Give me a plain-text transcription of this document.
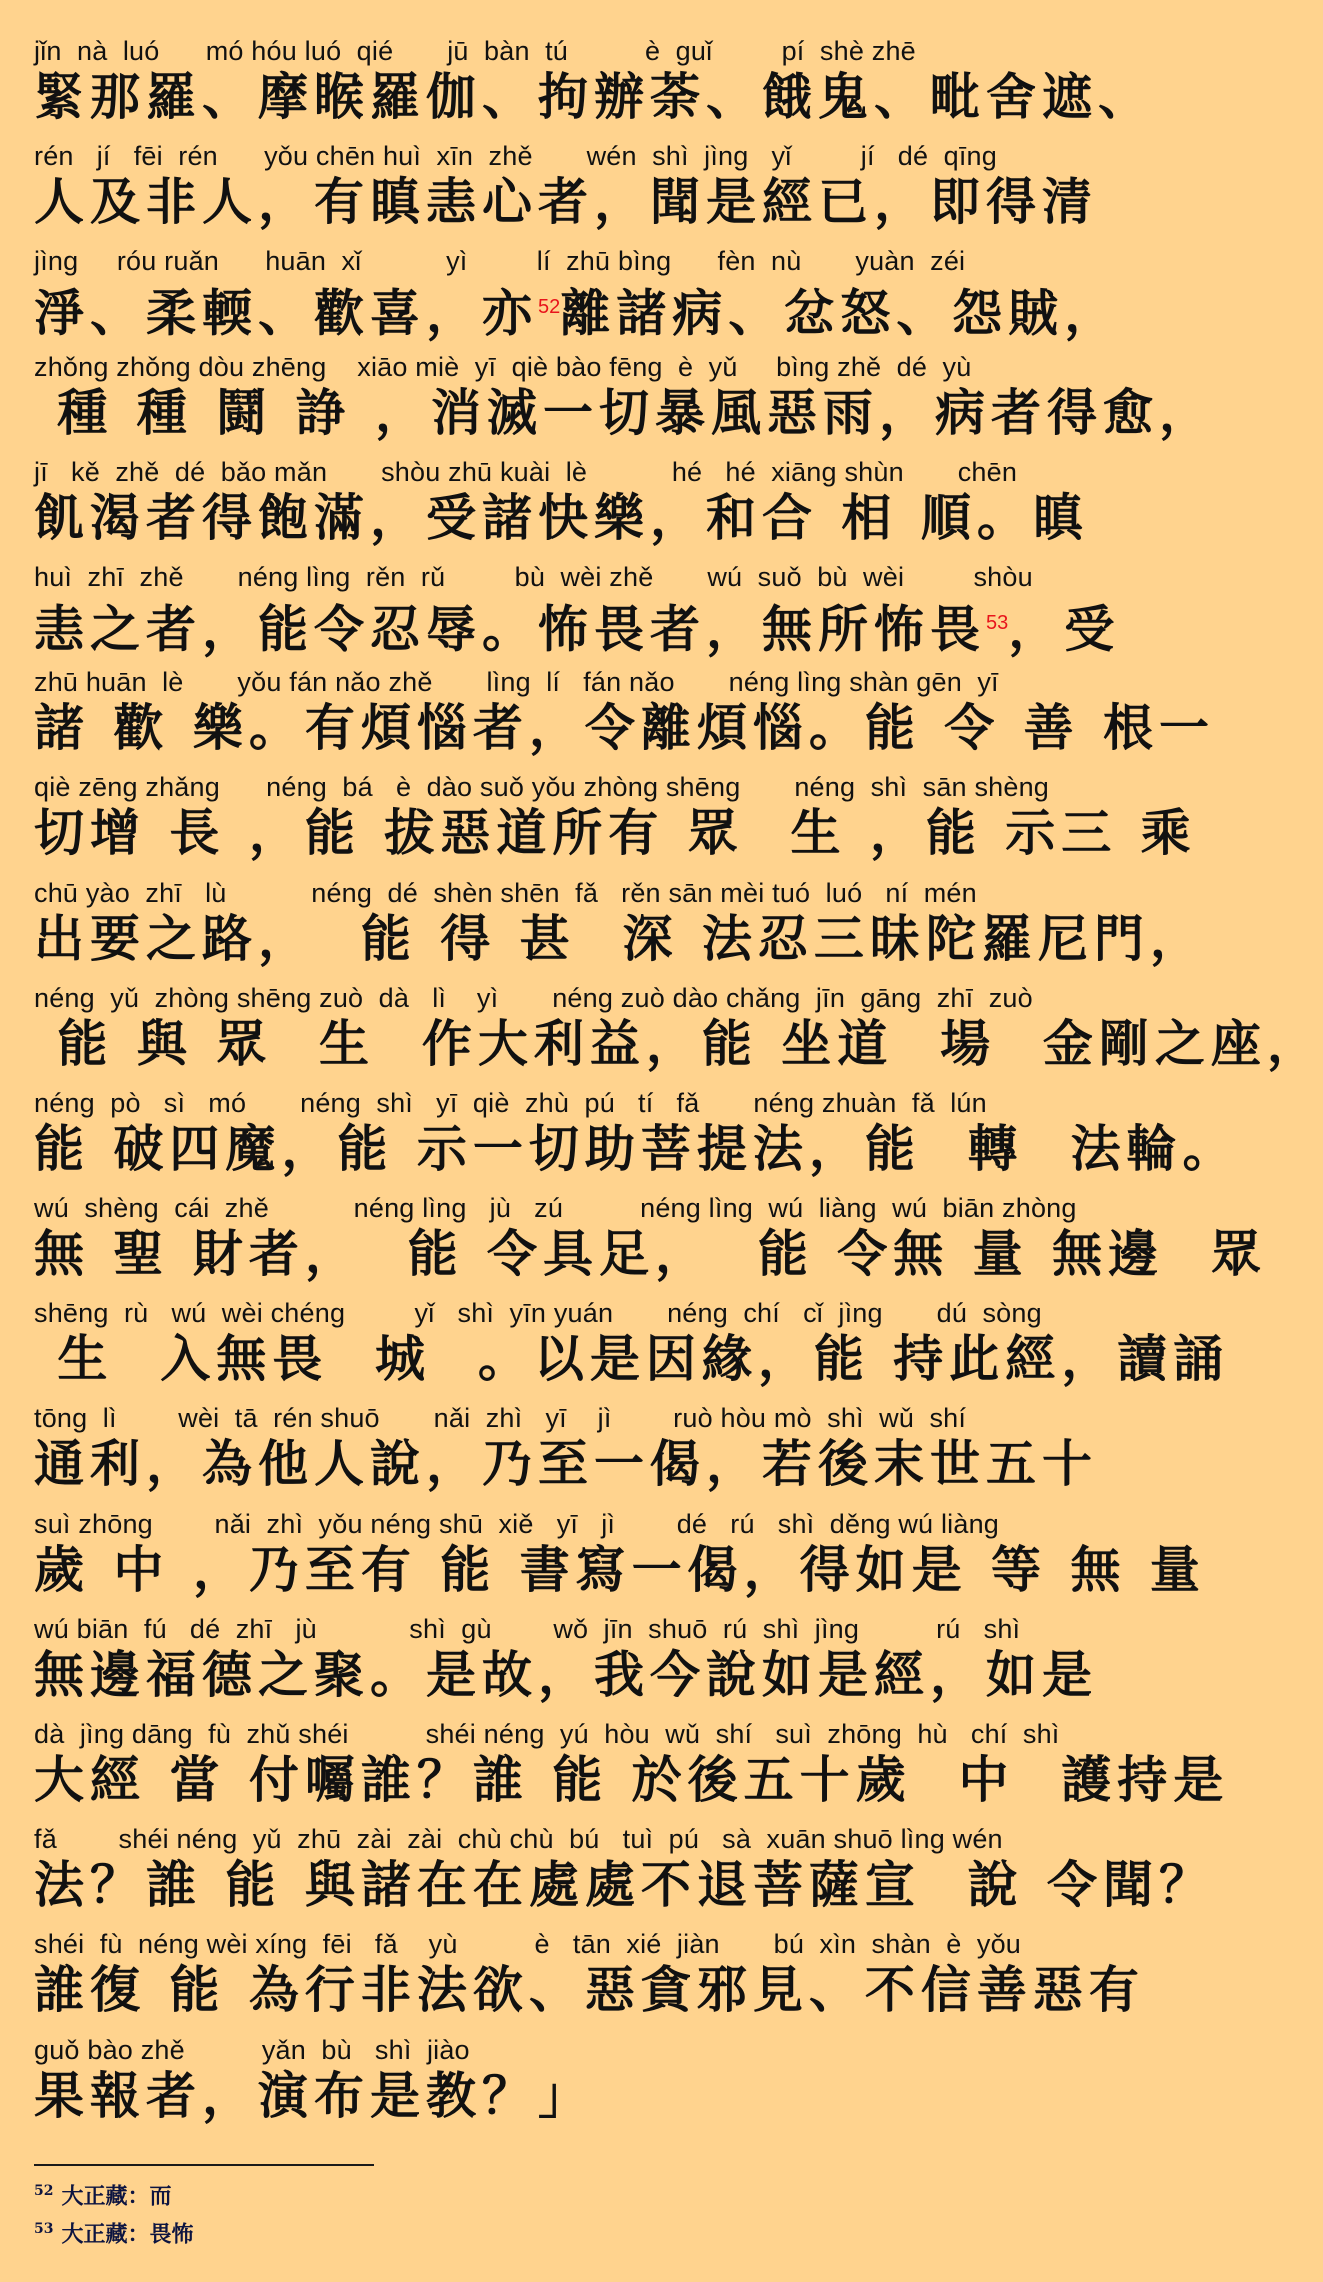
jǐn  nà  luó      mó hóu luó  qié       jū  bàn  tú          è  guǐ         pí  shè zhē
緊那羅、摩睺羅伽、拘辦荼、餓鬼、毗舍遮、
rén   jí   fēi  rén      yǒu chēn huì  xīn  zhě       wén  shì  jìng   yǐ         jí   dé  qīng
人及非人，有瞋恚心者，聞是經已，即得清
jìng     róu ruǎn      huān  xǐ           yì         lí  zhū bìng      fèn  nù       yuàn  zéi
淨、柔輭、歡喜，亦$^{52}$離諸病、忿怒、怨賊，
zhǒng zhǒng dòu zhēng    xiāo miè  yī  qiè bào fēng  è  yǔ     bìng zhě  dé  yù
種 種 鬪 諍 ，消滅一切暴風惡雨，病者得愈，
jī   kě  zhě  dé  bǎo mǎn       shòu zhū kuài  lè           hé   hé  xiāng shùn       chēn
飢渴者得飽滿，受諸快樂，和合 相 順。瞋
huì  zhī  zhě       néng lìng  rěn  rǔ         bù  wèi zhě       wú  suǒ  bù  wèi         shòu
恚之者，能令忍辱。怖畏者，無所怖畏$^{53}$，受
zhū huān  lè       yǒu fán nǎo zhě       lìng  lí   fán nǎo       néng lìng shàn gēn  yī
諸 歡 樂。有煩惱者，令離煩惱。能 令 善 根一
qiè zēng zhǎng      néng  bá   è  dào suǒ yǒu zhòng shēng       néng  shì  sān shèng
切增 長 ，能 拔惡道所有 眾  生 ，能 示三 乘
chū yào  zhī   lù           néng  dé  shèn shēn  fǎ   rěn sān mèi tuó  luó   ní  mén
出要之路，  能 得 甚  深 法忍三昧陀羅尼門，
néng  yǔ  zhòng shēng zuò  dà   lì    yì       néng zuò dào chǎng  jīn  gāng  zhī  zuò
能 與 眾  生  作大利益，能 坐道  場  金剛之座，
néng  pò   sì   mó       néng  shì   yī  qiè  zhù  pú   tí   fǎ       néng zhuàn  fǎ  lún
能 破四魔，能 示一切助菩提法，能  轉  法輪。
wú  shèng  cái  zhě           néng lìng   jù   zú          néng lìng  wú  liàng  wú  biān zhòng
無 聖 財者，  能 令具足，  能 令無 量 無邊  眾
shēng  rù   wú  wèi chéng         yǐ   shì  yīn yuán       néng  chí   cǐ  jìng       dú  sòng
生  入無畏  城  。以是因緣，能 持此經，讀誦
tōng  lì        wèi  tā  rén shuō       nǎi  zhì   yī    jì        ruò hòu mò  shì  wǔ  shí
通利，為他人說，乃至一偈，若後末世五十
suì zhōng        nǎi  zhì  yǒu néng shū  xiě   yī   jì        dé   rú   shì  děng wú liàng
歲 中 ，乃至有 能 書寫一偈，得如是 等 無 量
wú biān  fú   dé  zhī   jù            shì  gù        wǒ  jīn  shuō  rú  shì  jìng          rú   shì
無邊福德之聚。是故，我今說如是經，如是
dà  jìng dāng  fù  zhǔ shéi          shéi néng  yú  hòu  wǔ  shí   suì  zhōng  hù   chí  shì
大經 當 付囑誰？誰 能 於後五十歲  中  護持是
fǎ        shéi néng  yǔ  zhū  zài  zài  chù chù  bú   tuì  pú   sà  xuān shuō lìng wén
法？誰 能 與諸在在處處不退菩薩宣  說 令聞？
shéi  fù  néng wèi xíng  fēi   fǎ    yù          è   tān  xié  jiàn       bú  xìn  shàn  è  yǒu
誰復 能 為行非法欲、惡貪邪見、不信善惡有
guǒ bào zhě          yǎn  bù   shì  jiào
果報者，演布是教？」
$^{52}$ 大正藏：而
$^{53}$ 大正藏：畏怖
